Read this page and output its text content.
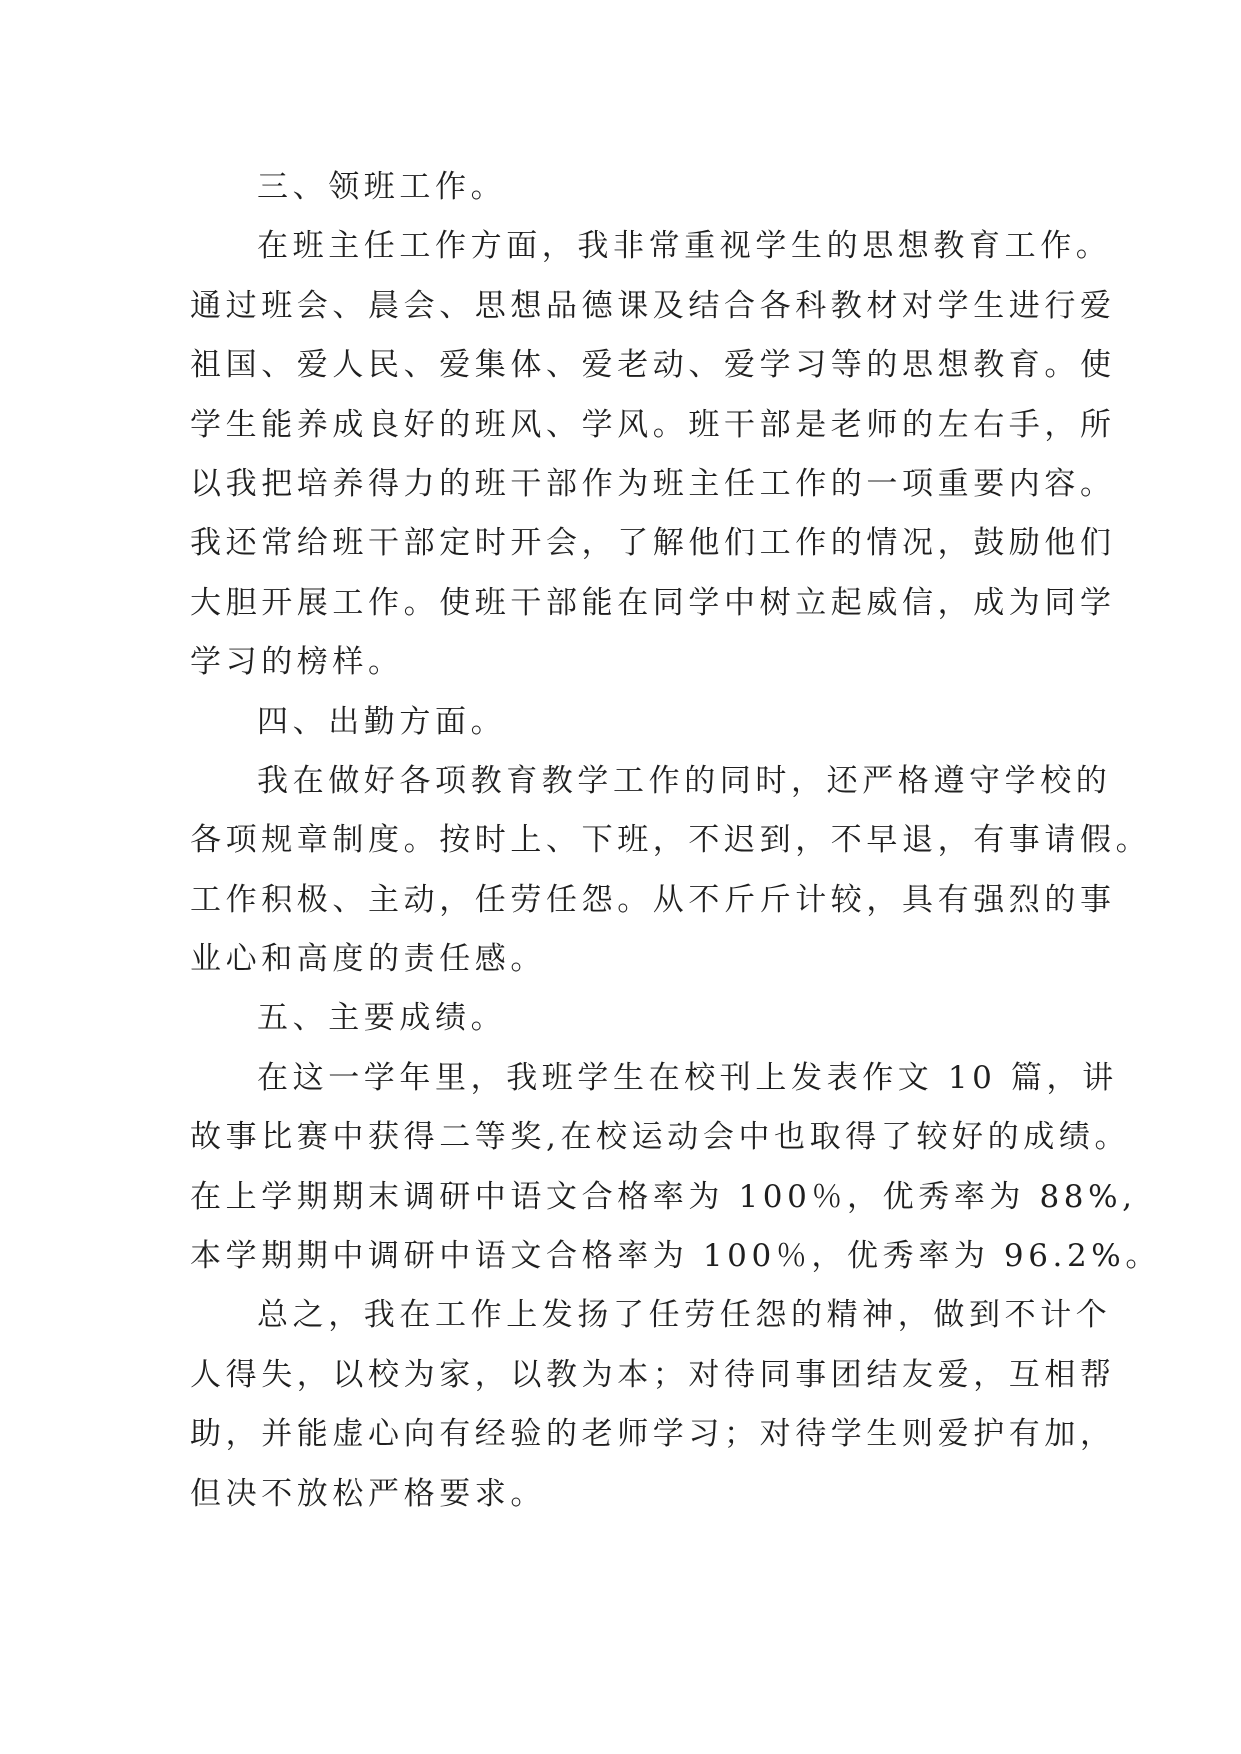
三、领班工作。
在班主任工作方面，我非常重视学生的思想教育工作。
通过班会、晨会、思想品德课及结合各科教材对学生进行爱
祖国、爱人民、爱集体、爱老动、爱学习等的思想教育。使
学生能养成良好的班风、学风。班干部是老师的左右手，所
以我把培养得力的班干部作为班主任工作的一项重要内容。
我还常给班干部定时开会，了解他们工作的情况，鼓励他们
大胆开展工作。使班干部能在同学中树立起威信，成为同学
学习的榜样。
四、出勤方面。
我在做好各项教育教学工作的同时，还严格遵守学校的
各项规章制度。按时上、下班，不迟到，不早退，有事请假。
工作积极、主动，任劳任怨。从不斤斤计较，具有强烈的事
业心和高度的责任感。
五、主要成绩。
在这一学年里，我班学生在校刊上发表作文 10 篇，讲
故事比赛中获得二等奖,在校运动会中也取得了较好的成绩。
在上学期期末调研中语文合格率为 100％，优秀率为 88%,
本学期期中调研中语文合格率为 100％，优秀率为 96.2%。
总之，我在工作上发扬了任劳任怨的精神，做到不计个
人得失，以校为家，以教为本；对待同事团结友爱，互相帮
助，并能虚心向有经验的老师学习；对待学生则爱护有加，
但决不放松严格要求。
